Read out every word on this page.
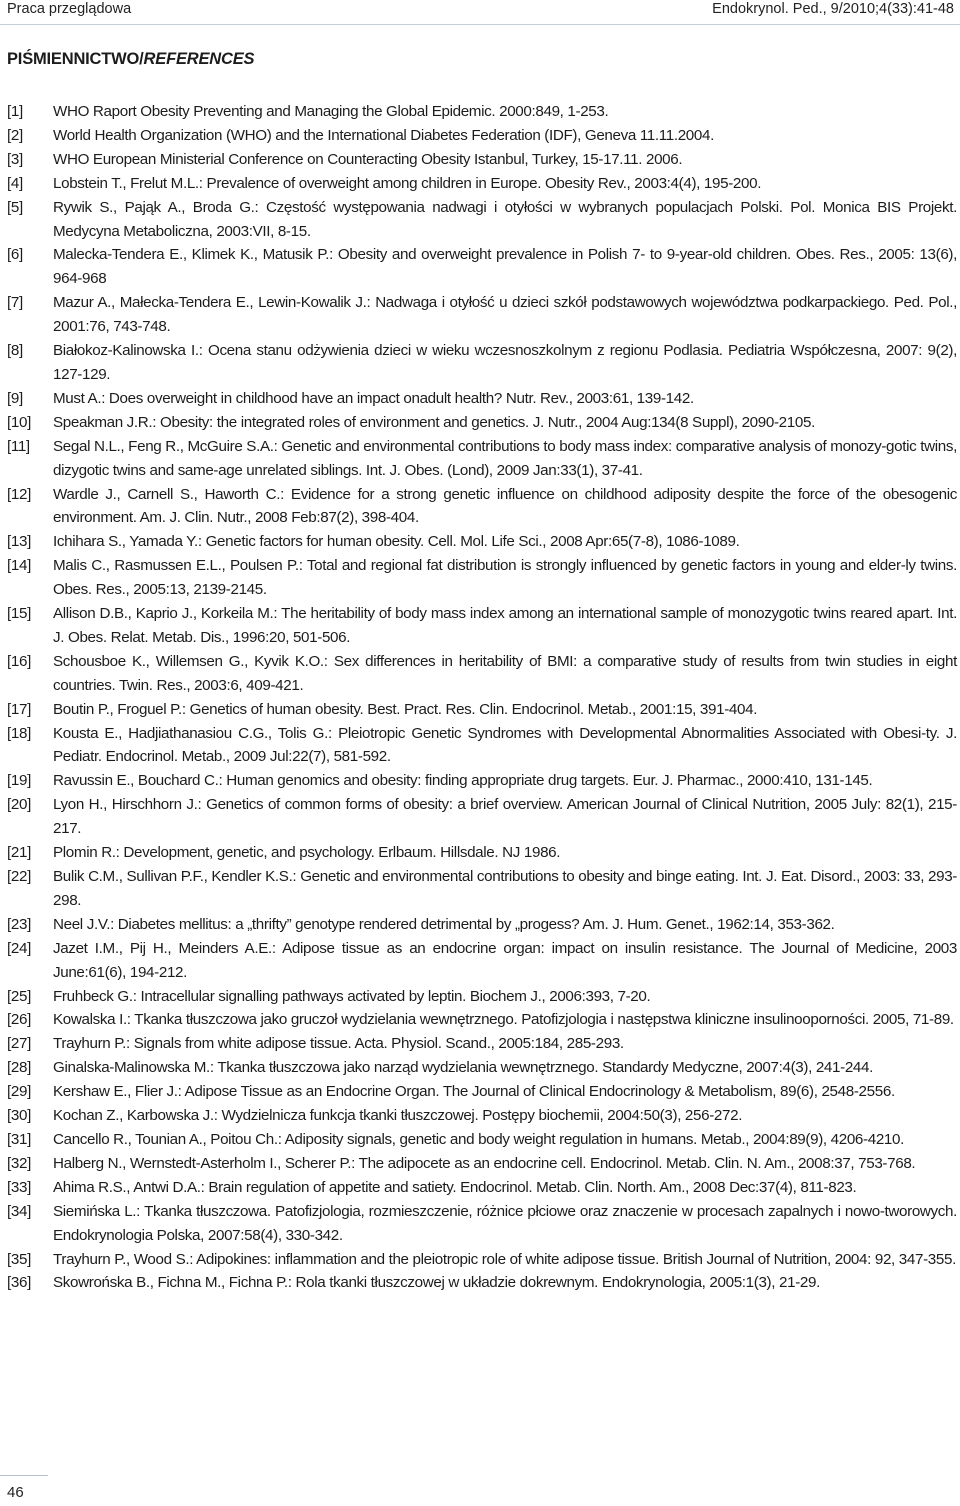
Praca przeglądowa	Endokrynol. Ped., 9/2010;4(33):41-48
PIŚMIENNICTWO/REFERENCES
[1]	WHO Raport Obesity Preventing and Managing the Global Epidemic. 2000:849, 1-253.
[2]	World Health Organization (WHO) and the International Diabetes Federation (IDF), Geneva 11.11.2004.
[3]	WHO European Ministerial Conference on Counteracting Obesity Istanbul, Turkey, 15-17.11. 2006.
[4]	Lobstein T., Frelut M.L.: Prevalence of overweight among children in Europe. Obesity Rev., 2003:4(4), 195-200.
[5]	Rywik S., Pająk A., Broda G.: Częstość występowania nadwagi i otyłości w wybranych populacjach Polski. Pol. Monica BIS Projekt. Medycyna Metaboliczna, 2003:VII, 8-15.
[6]	Malecka-Tendera E., Klimek K., Matusik P.: Obesity and overweight prevalence in Polish 7- to 9-year-old children. Obes. Res., 2005: 13(6), 964-968
[7]	Mazur A., Małecka-Tendera E., Lewin-Kowalik J.: Nadwaga i otyłość u dzieci szkół podstawowych województwa podkarpackiego. Ped. Pol., 2001:76, 743-748.
[8]	Białokoz-Kalinowska I.: Ocena stanu odżywienia dzieci w wieku wczesnoszkolnym z regionu Podlasia. Pediatria Współczesna, 2007: 9(2), 127-129.
[9]	Must A.: Does overweight in childhood have an impact onadult health? Nutr. Rev., 2003:61, 139-142.
[10]	Speakman J.R.: Obesity: the integrated roles of environment and genetics. J. Nutr., 2004 Aug:134(8 Suppl), 2090-2105.
[11]	Segal N.L., Feng R., McGuire S.A.: Genetic and environmental contributions to body mass index: comparative analysis of monozy-gotic twins, dizygotic twins and same-age unrelated siblings. Int. J. Obes. (Lond), 2009 Jan:33(1), 37-41.
[12]	Wardle J., Carnell S., Haworth C.: Evidence for a strong genetic influence on childhood adiposity despite the force of the obesogenic environment. Am. J. Clin. Nutr., 2008 Feb:87(2), 398-404.
[13]	Ichihara S., Yamada Y.: Genetic factors for human obesity. Cell. Mol. Life Sci., 2008 Apr:65(7-8), 1086-1089.
[14]	Malis C., Rasmussen E.L., Poulsen P.: Total and regional fat distribution is strongly influenced by genetic factors in young and elder-ly twins. Obes. Res., 2005:13, 2139-2145.
[15]	Allison D.B., Kaprio J., Korkeila M.: The heritability of body mass index among an international sample of monozygotic twins reared apart. Int. J. Obes. Relat. Metab. Dis., 1996:20, 501-506.
[16]	Schousboe K., Willemsen G., Kyvik K.O.: Sex differences in heritability of BMI: a comparative study of results from twin studies in eight countries. Twin. Res., 2003:6, 409-421.
[17]	Boutin P., Froguel P.: Genetics of human obesity. Best. Pract. Res. Clin. Endocrinol. Metab., 2001:15, 391-404.
[18]	Kousta E., Hadjiathanasiou C.G., Tolis G.: Pleiotropic Genetic Syndromes with Developmental Abnormalities Associated with Obesi-ty. J. Pediatr. Endocrinol. Metab., 2009 Jul:22(7), 581-592.
[19]	Ravussin E., Bouchard C.: Human genomics and obesity: finding appropriate drug targets. Eur. J. Pharmac., 2000:410, 131-145.
[20]	Lyon H., Hirschhorn J.: Genetics of common forms of obesity: a brief overview. American Journal of Clinical Nutrition, 2005 July: 82(1), 215-217.
[21]	Plomin R.: Development, genetic, and psychology. Erlbaum. Hillsdale. NJ 1986.
[22]	Bulik C.M., Sullivan P.F., Kendler K.S.: Genetic and environmental contributions to obesity and binge eating. Int. J. Eat. Disord., 2003: 33, 293-298.
[23]	Neel J.V.: Diabetes mellitus: a „thrifty” genotype rendered detrimental by „progess? Am. J. Hum. Genet., 1962:14, 353-362.
[24]	Jazet I.M., Pij H., Meinders A.E.: Adipose tissue as an endocrine organ: impact on insulin resistance. The Journal of Medicine, 2003 June:61(6), 194-212.
[25]	Fruhbeck G.: Intracellular signalling pathways activated by leptin. Biochem J., 2006:393, 7-20.
[26]	Kowalska I.: Tkanka tłuszczowa jako gruczoł wydzielania wewnętrznego. Patofizjologia i następstwa kliniczne insulinooporności. 2005, 71-89.
[27]	Trayhurn P.: Signals from white adipose tissue. Acta. Physiol. Scand., 2005:184, 285-293.
[28]	Ginalska-Malinowska M.: Tkanka tłuszczowa jako narząd wydzielania wewnętrznego. Standardy Medyczne, 2007:4(3), 241-244.
[29]	Kershaw E., Flier J.: Adipose Tissue as an Endocrine Organ. The Journal of Clinical Endocrinology & Metabolism, 89(6), 2548-2556.
[30]	Kochan Z., Karbowska J.: Wydzielnicza funkcja tkanki tłuszczowej. Postępy biochemii, 2004:50(3), 256-272.
[31]	Cancello R., Tounian A., Poitou Ch.: Adiposity signals, genetic and body weight regulation in humans. Metab., 2004:89(9), 4206-4210.
[32]	Halberg N., Wernstedt-Asterholm I., Scherer P.: The adipocete as an endocrine cell. Endocrinol. Metab. Clin. N. Am., 2008:37, 753-768.
[33]	Ahima R.S., Antwi D.A.: Brain regulation of appetite and satiety. Endocrinol. Metab. Clin. North. Am., 2008 Dec:37(4), 811-823.
[34]	Siemińska L.: Tkanka tłuszczowa. Patofizjologia, rozmieszczenie, różnice płciowe oraz znaczenie w procesach zapalnych i nowo-tworowych. Endokrynologia Polska, 2007:58(4), 330-342.
[35]	Trayhurn P., Wood S.: Adipokines: inflammation and the pleiotropic role of white adipose tissue. British Journal of Nutrition, 2004: 92, 347-355.
[36]	Skowrońska B., Fichna M., Fichna P.: Rola tkanki tłuszczowej w układzie dokrewnym. Endokrynologia, 2005:1(3), 21-29.
46
